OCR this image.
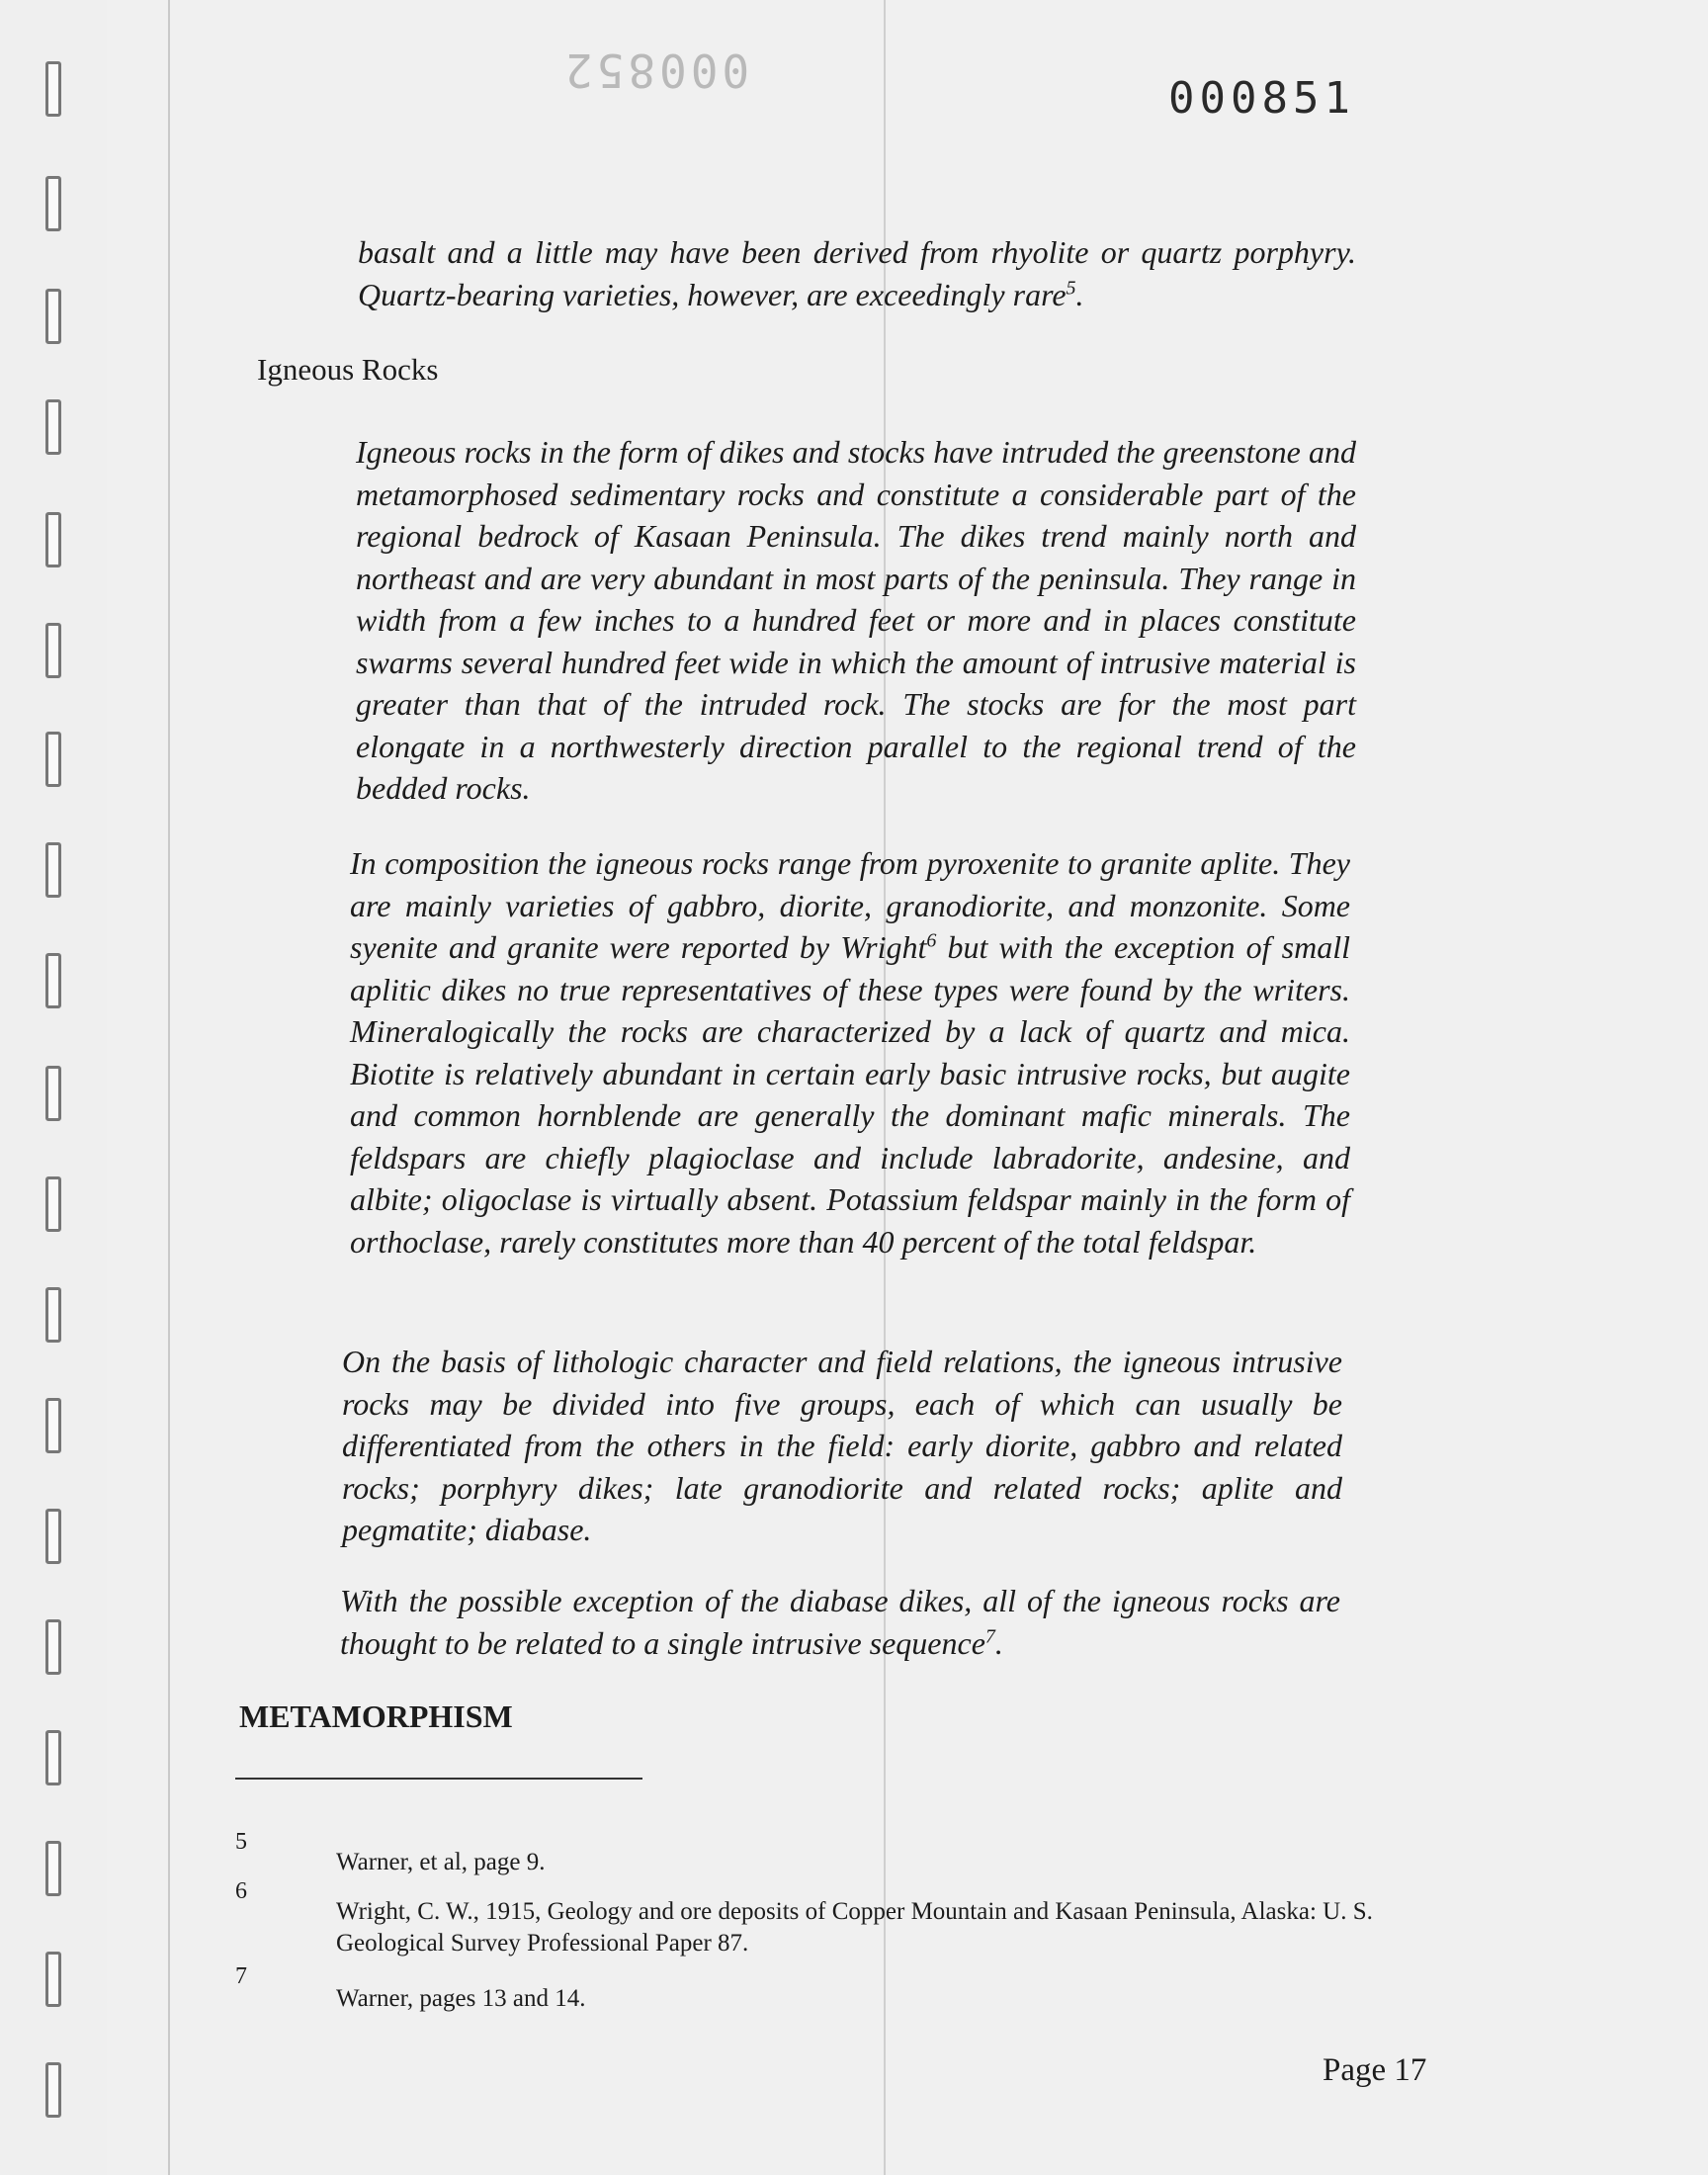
000852
000851

basalt and a little may have been derived from rhyolite or quartz porphyry. Quartz-bearing varieties, however, are exceedingly rare$^5$.

Igneous Rocks

Igneous rocks in the form of dikes and stocks have intruded the greenstone and metamorphosed sedimentary rocks and constitute a considerable part of the regional bedrock of Kasaan Peninsula. The dikes trend mainly north and northeast and are very abundant in most parts of the peninsula. They range in width from a few inches to a hundred feet or more and in places constitute swarms several hundred feet wide in which the amount of intrusive material is greater than that of the intruded rock. The stocks are for the most part elongate in a northwesterly direction parallel to the regional trend of the bedded rocks.

In composition the igneous rocks range from pyroxenite to granite aplite. They are mainly varieties of gabbro, diorite, granodiorite, and monzonite. Some syenite and granite were reported by Wright$^6$ but with the exception of small aplitic dikes no true representatives of these types were found by the writers. Mineralogically the rocks are characterized by a lack of quartz and mica. Biotite is relatively abundant in certain early basic intrusive rocks, but augite and common hornblende are generally the dominant mafic minerals. The feldspars are chiefly plagioclase and include labradorite, andesine, and albite; oligoclase is virtually absent. Potassium feldspar mainly in the form of orthoclase, rarely constitutes more than 40 percent of the total feldspar.

On the basis of lithologic character and field relations, the igneous intrusive rocks may be divided into five groups, each of which can usually be differentiated from the others in the field: early diorite, gabbro and related rocks; porphyry dikes; late granodiorite and related rocks; aplite and pegmatite; diabase.

With the possible exception of the diabase dikes, all of the igneous rocks are thought to be related to a single intrusive sequence$^7$.

METAMORPHISM
5

Warner, et al, page 9.

6

Wright, C. W., 1915, Geology and ore deposits of Copper Mountain and Kasaan Peninsula, Alaska: U. S. Geological Survey Professional Paper 87.

7

Warner, pages 13 and 14.

Page 17
